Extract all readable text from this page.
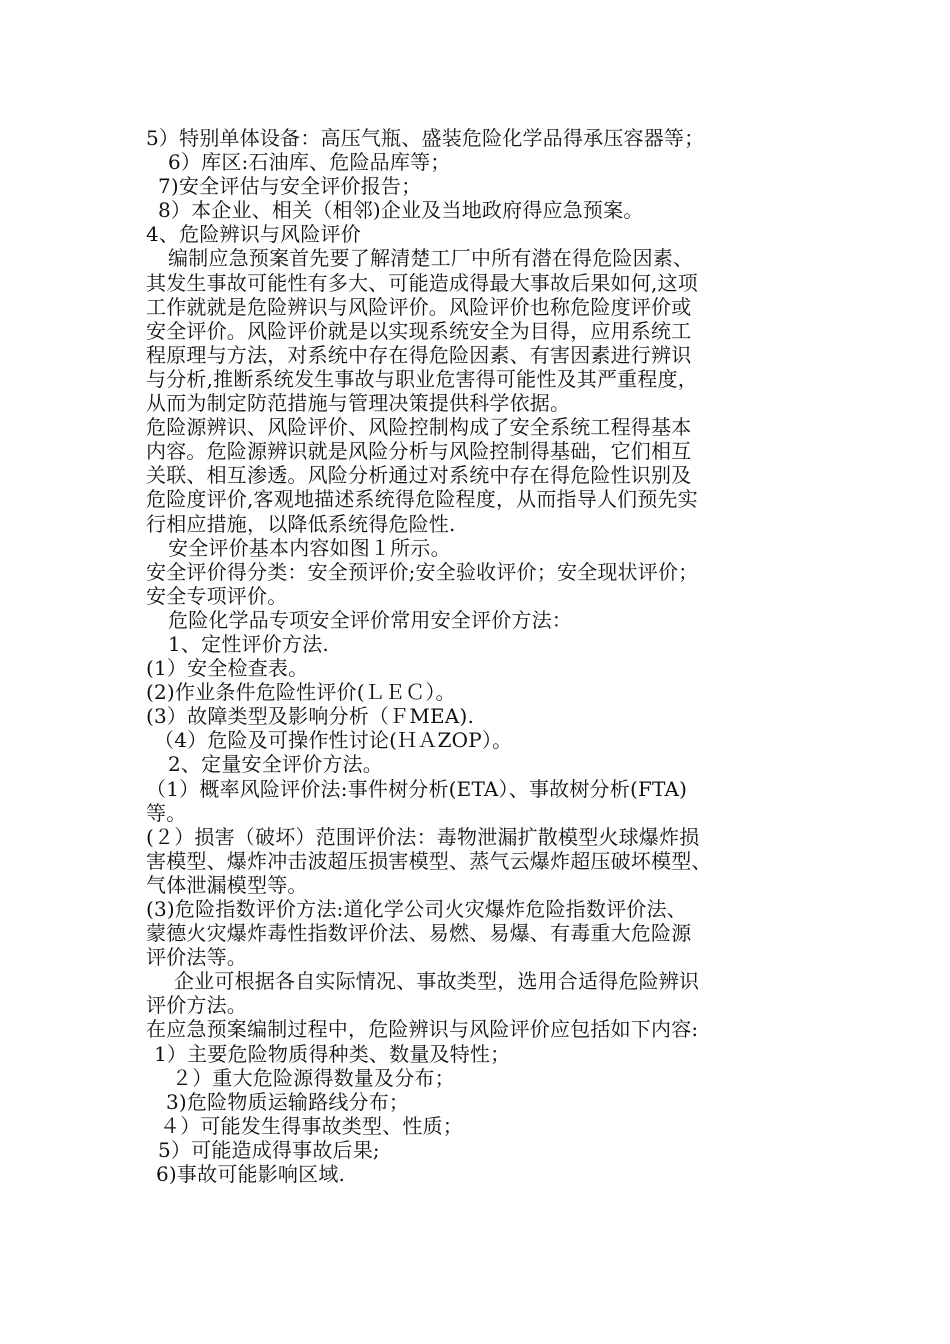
5）特别单体设备：高压气瓶、盛装危险化学品得承压容器等；
6）库区:石油库、危险品库等；
7)安全评估与安全评价报告；
8）本企业、相关（相邻)企业及当地政府得应急预案。
4、危险辨识与风险评价
编制应急预案首先要了解清楚工厂中所有潜在得危险因素、
其发生事故可能性有多大、可能造成得最大事故后果如何,这项
工作就就是危险辨识与风险评价。风险评价也称危险度评价或
安全评价。风险评价就是以实现系统安全为目得，应用系统工
程原理与方法，对系统中存在得危险因素、有害因素进行辨识
与分析,推断系统发生事故与职业危害得可能性及其严重程度，
从而为制定防范措施与管理决策提供科学依据。
危险源辨识、风险评价、风险控制构成了安全系统工程得基本
内容。危险源辨识就是风险分析与风险控制得基础，它们相互
关联、相互渗透。风险分析通过对系统中存在得危险性识别及
危险度评价,客观地描述系统得危险程度，从而指导人们预先实
行相应措施，以降低系统得危险性.
安全评价基本内容如图１所示。
安全评价得分类：安全预评价;安全验收评价；安全现状评价；
安全专项评价。
危险化学品专项安全评价常用安全评价方法：
1、定性评价方法.
(1）安全检查表。
(2)作业条件危险性评价(ＬＥＣ）。
(3）故障类型及影响分析（ＦMEA).
（4）危险及可操作性讨论(ＨＡZOP）。
2、定量安全评价方法。
（1）概率风险评价法:事件树分析(ETA）、事故树分析(FTA)
等。
(２）损害（破坏）范围评价法：毒物泄漏扩散模型火球爆炸损
害模型、爆炸冲击波超压损害模型、蒸气云爆炸超压破坏模型、
气体泄漏模型等。
(3)危险指数评价方法:道化学公司火灾爆炸危险指数评价法、
蒙德火灾爆炸毒性指数评价法、易燃、易爆、有毒重大危险源
评价法等。
企业可根据各自实际情况、事故类型，选用合适得危险辨识
评价方法。
在应急预案编制过程中，危险辨识与风险评价应包括如下内容:
1）主要危险物质得种类、数量及特性；
２）重大危险源得数量及分布；
3)危险物质运输路线分布；
４）可能发生得事故类型、性质；
5）可能造成得事故后果;
6)事故可能影响区域.
